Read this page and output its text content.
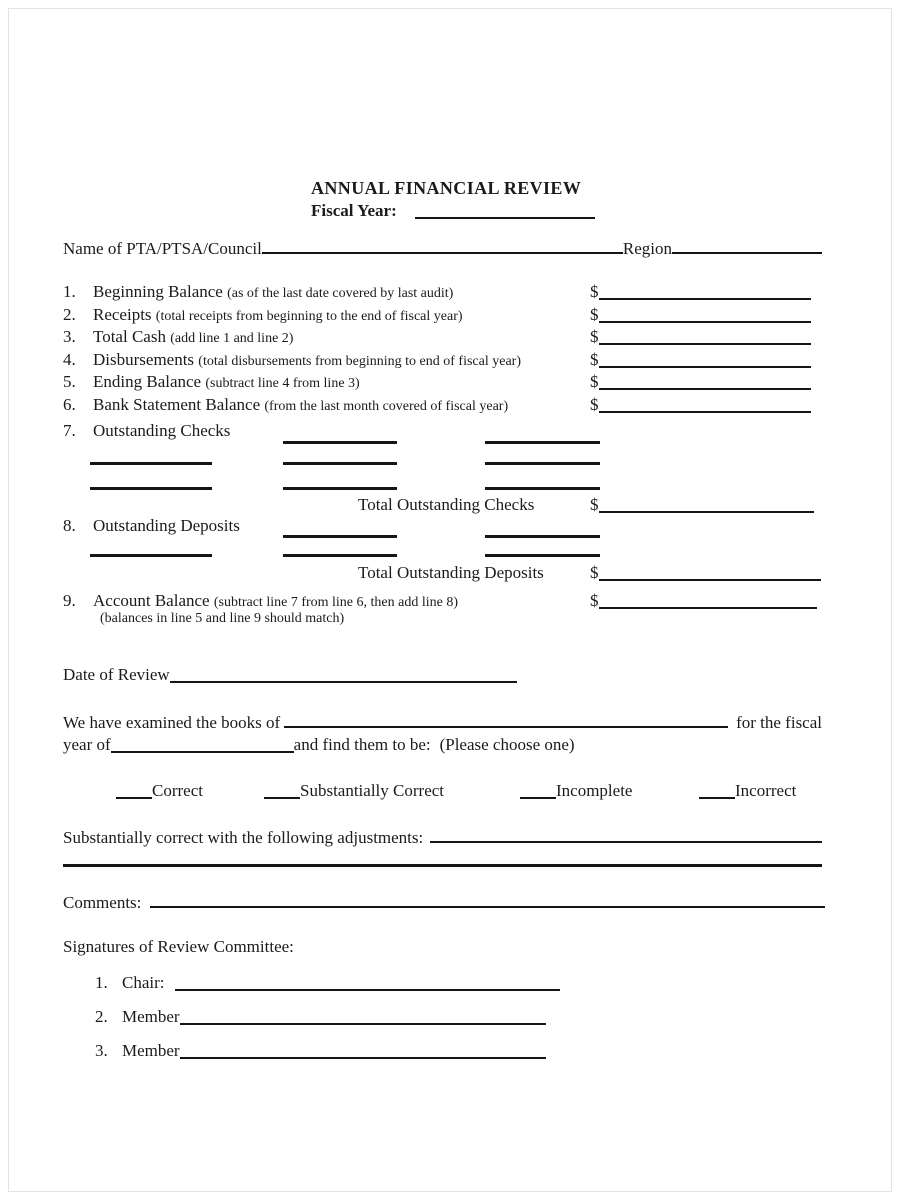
ANNUAL FINANCIAL REVIEW
Fiscal Year:
Name of PTA/PTSA/Council	Region
1. Beginning Balance (as of the last date covered by last audit)	$
2. Receipts (total receipts from beginning to the end of fiscal year)	$
3. Total Cash (add line 1 and line 2)	$
4. Disbursements (total disbursements from beginning to end of fiscal year)	$
5. Ending Balance (subtract line 4 from line 3)	$
6. Bank Statement Balance (from the last month covered of fiscal year)	$
7. Outstanding Checks
Total Outstanding Checks	$
8. Outstanding Deposits
Total Outstanding Deposits	$
9. Account Balance (subtract line 7 from line 6, then add line 8)	$
(balances in line 5 and line 9 should match)
Date of Review
We have examined the books of	for the fiscal
year of	and find them to be: (Please choose one)
Correct	Substantially Correct	Incomplete	Incorrect
Substantially correct with the following adjustments:
Comments:
Signatures of Review Committee:
1. Chair:
2. Member
3. Member
